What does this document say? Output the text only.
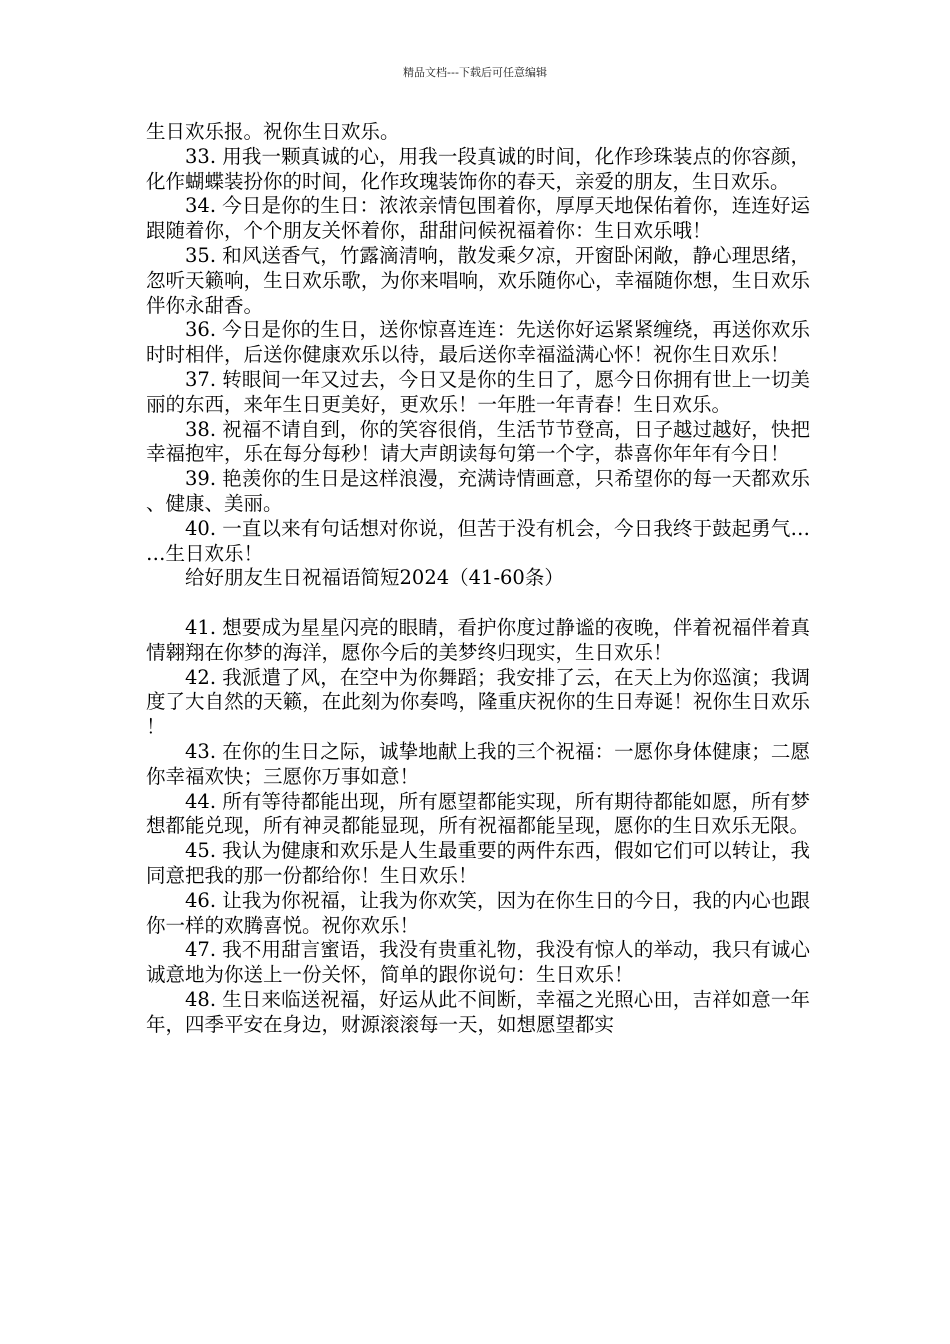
精品文档---下载后可任意编辑

生日欢乐报。祝你生日欢乐。

33. 用我一颗真诚的心，用我一段真诚的时间，化作珍珠装点的你容颜，化作蝴蝶装扮你的时间，化作玫瑰装饰你的春天，亲爱的朋友，生日欢乐。

34. 今日是你的生日：浓浓亲情包围着你，厚厚天地保佑着你，连连好运跟随着你，个个朋友关怀着你，甜甜问候祝福着你：生日欢乐哦！

35. 和风送香气，竹露滴清响，散发乘夕凉，开窗卧闲敞，静心理思绪，忽听天籁响，生日欢乐歌，为你来唱响，欢乐随你心，幸福随你想，生日欢乐伴你永甜香。

36. 今日是你的生日，送你惊喜连连：先送你好运紧紧缠绕，再送你欢乐时时相伴，后送你健康欢乐以待，最后送你幸福溢满心怀！祝你生日欢乐！

37. 转眼间一年又过去，今日又是你的生日了，愿今日你拥有世上一切美丽的东西，来年生日更美好，更欢乐！一年胜一年青春！生日欢乐。

38. 祝福不请自到，你的笑容很俏，生活节节登高，日子越过越好，快把幸福抱牢，乐在每分每秒！请大声朗读每句第一个字，恭喜你年年有今日！

39. 艳羡你的生日是这样浪漫，充满诗情画意，只希望你的每一天都欢乐、健康、美丽。

40. 一直以来有句话想对你说，但苦于没有机会，今日我终于鼓起勇气……生日欢乐！

给好朋友生日祝福语简短2024（41-60条）

41. 想要成为星星闪亮的眼睛，看护你度过静谧的夜晚，伴着祝福伴着真情翱翔在你梦的海洋，愿你今后的美梦终归现实，生日欢乐！

42. 我派遣了风，在空中为你舞蹈；我安排了云，在天上为你巡演；我调度了大自然的天籁，在此刻为你奏鸣，隆重庆祝你的生日寿诞！祝你生日欢乐！

43. 在你的生日之际，诚挚地献上我的三个祝福：一愿你身体健康；二愿你幸福欢快；三愿你万事如意！

44. 所有等待都能出现，所有愿望都能实现，所有期待都能如愿，所有梦想都能兑现，所有神灵都能显现，所有祝福都能呈现，愿你的生日欢乐无限。

45. 我认为健康和欢乐是人生最重要的两件东西，假如它们可以转让，我同意把我的那一份都给你！生日欢乐！

46. 让我为你祝福，让我为你欢笑，因为在你生日的今日，我的内心也跟你一样的欢腾喜悦。祝你欢乐！

47. 我不用甜言蜜语，我没有贵重礼物，我没有惊人的举动，我只有诚心诚意地为你送上一份关怀，简单的跟你说句：生日欢乐！

48. 生日来临送祝福，好运从此不间断，幸福之光照心田，吉祥如意一年年，四季平安在身边，财源滚滚每一天，如想愿望都实
